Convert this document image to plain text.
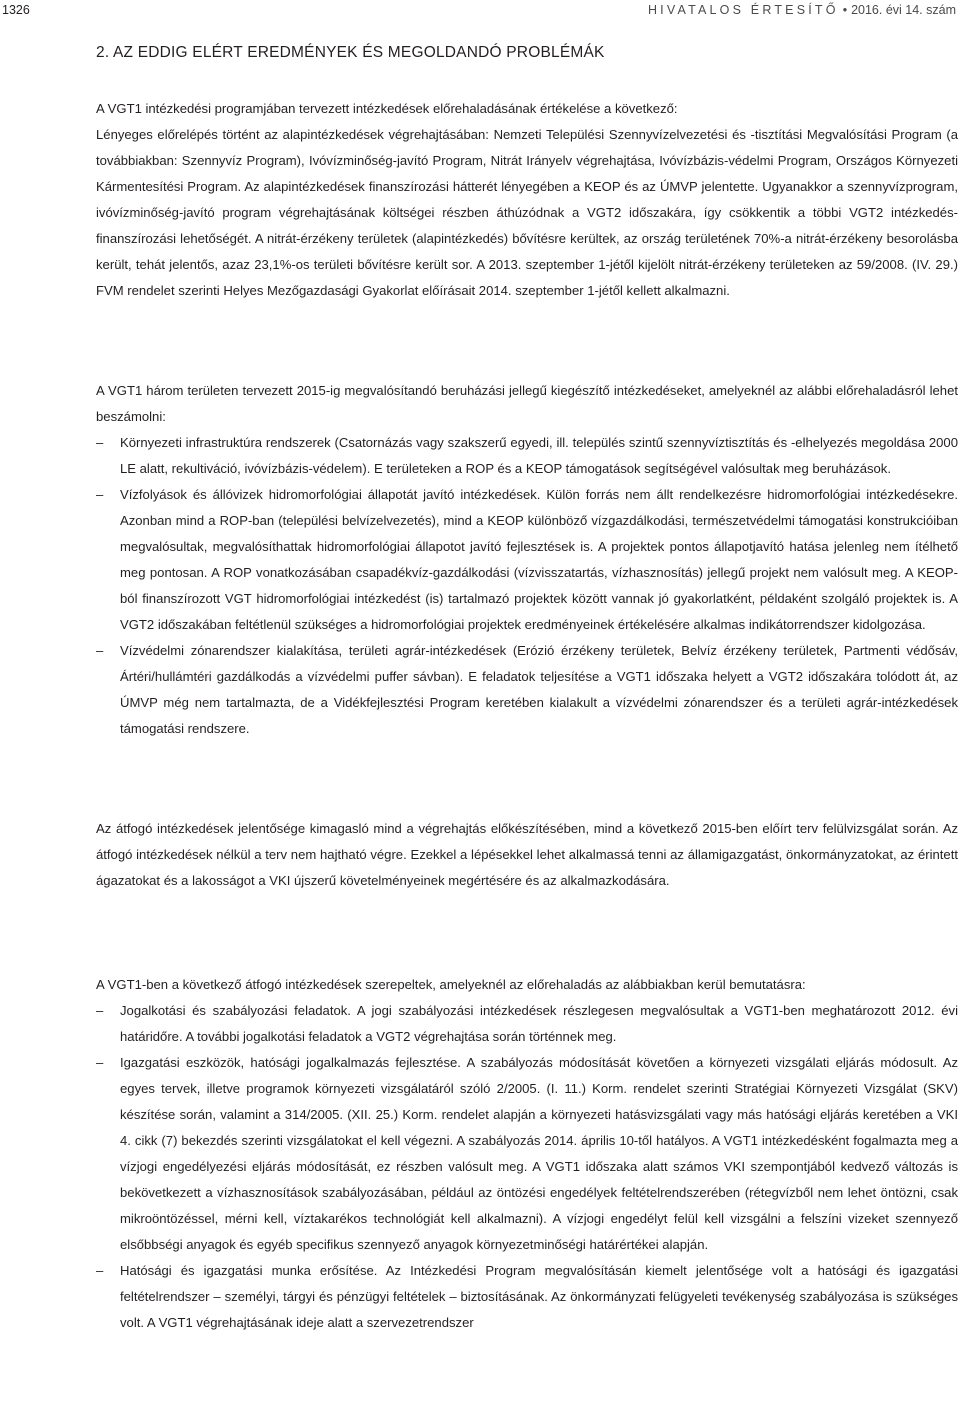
1326	HIVATALOS ÉRTESÍTŐ • 2016. évi 14. szám
2. AZ EDDIG ELÉRT EREDMÉNYEK ÉS MEGOLDANDÓ PROBLÉMÁK

A VGT1 intézkedési programjában tervezett intézkedések előrehaladásának értékelése a következő:

Lényeges előrelépés történt az alapintézkedések végrehajtásában: Nemzeti Települési Szennyvízelvezetési és -tisztítási Megvalósítási Program (a továbbiakban: Szennyvíz Program), Ivóvízminőség-javító Program, Nitrát Irányelv végrehajtása, Ivóvízbázis-védelmi Program, Országos Környezeti Kármentesítési Program. Az alapintézkedések finanszírozási hátterét lényegében a KEOP és az ÚMVP jelentette. Ugyanakkor a szennyvízprogram, ivóvízminőség-javító program végrehajtásának költségei részben áthúzódnak a VGT2 időszakára, így csökkentik a többi VGT2 intézkedés-finanszírozási lehetőségét. A nitrát-érzékeny területek (alapintézkedés) bővítésre kerültek, az ország területének 70%-a nitrát-érzékeny besorolásba került, tehát jelentős, azaz 23,1%-os területi bővítésre került sor. A 2013. szeptember 1-jétől kijelölt nitrát-érzékeny területeken az 59/2008. (IV. 29.) FVM rendelet szerinti Helyes Mezőgazdasági Gyakorlat előírásait 2014. szeptember 1-jétől kellett alkalmazni.

A VGT1 három területen tervezett 2015-ig megvalósítandó beruházási jellegű kiegészítő intézkedéseket, amelyeknél az alábbi előrehaladásról lehet beszámolni:

– Környezeti infrastruktúra rendszerek (Csatornázás vagy szakszerű egyedi, ill. település szintű szennyvíztisztítás és -elhelyezés megoldása 2000 LE alatt, rekultiváció, ivóvízbázis-védelem). E területeken a ROP és a KEOP támogatások segítségével valósultak meg beruházások.
– Vízfolyások és állóvizek hidromorfológiai állapotát javító intézkedések. Külön forrás nem állt rendelkezésre hidromorfológiai intézkedésekre. Azonban mind a ROP-ban (települési belvízelvezetés), mind a KEOP különböző vízgazdálkodási, természetvédelmi támogatási konstrukcióiban megvalósultak, megvalósíthattak hidromorfológiai állapotot javító fejlesztések is. A projektek pontos állapotjavító hatása jelenleg nem ítélhető meg pontosan. A ROP vonatkozásában csapadékvíz-gazdálkodási (vízvisszatartás, vízhasznosítás) jellegű projekt nem valósult meg. A KEOP-ból finanszírozott VGT hidromorfológiai intézkedést (is) tartalmazó projektek között vannak jó gyakorlatként, példaként szolgáló projektek is. A VGT2 időszakában feltétlenül szükséges a hidromorfológiai projektek eredményeinek értékelésére alkalmas indikátorrendszer kidolgozása.
– Vízvédelmi zónarendszer kialakítása, területi agrár-intézkedések (Erózió érzékeny területek, Belvíz érzékeny területek, Partmenti védősáv, Ártéri/hullámtéri gazdálkodás a vízvédelmi puffer sávban). E feladatok teljesítése a VGT1 időszaka helyett a VGT2 időszakára tolódott át, az ÚMVP még nem tartalmazta, de a Vidékfejlesztési Program keretében kialakult a vízvédelmi zónarendszer és a területi agrár-intézkedések támogatási rendszere.

Az átfogó intézkedések jelentősége kimagasló mind a végrehajtás előkészítésében, mind a következő 2015-ben előírt terv felülvizsgálat során. Az átfogó intézkedések nélkül a terv nem hajtható végre. Ezekkel a lépésekkel lehet alkalmassá tenni az államigazgatást, önkormányzatokat, az érintett ágazatokat és a lakosságot a VKI újszerű követelményeinek megértésére és az alkalmazkodására.

A VGT1-ben a következő átfogó intézkedések szerepeltek, amelyeknél az előrehaladás az alábbiakban kerül bemutatásra:

– Jogalkotási és szabályozási feladatok. A jogi szabályozási intézkedések részlegesen megvalósultak a VGT1-ben meghatározott 2012. évi határidőre. A további jogalkotási feladatok a VGT2 végrehajtása során történnek meg.
– Igazgatási eszközök, hatósági jogalkalmazás fejlesztése. A szabályozás módosítását követően a környezeti vizsgálati eljárás módosult. Az egyes tervek, illetve programok környezeti vizsgálatáról szóló 2/2005. (I. 11.) Korm. rendelet szerinti Stratégiai Környezeti Vizsgálat (SKV) készítése során, valamint a 314/2005. (XII. 25.) Korm. rendelet alapján a környezeti hatásvizsgálati vagy más hatósági eljárás keretében a VKI 4. cikk (7) bekezdés szerinti vizsgálatokat el kell végezni. A szabályozás 2014. április 10-től hatályos. A VGT1 intézkedésként fogalmazta meg a vízjogi engedélyezési eljárás módosítását, ez részben valósult meg. A VGT1 időszaka alatt számos VKI szempontjából kedvező változás is bekövetkezett a vízhasznosítások szabályozásában, például az öntözési engedélyek feltételrendszerében (rétegvízből nem lehet öntözni, csak mikroöntözéssel, mérni kell, víztakarékos technológiát kell alkalmazni). A vízjogi engedélyt felül kell vizsgálni a felszíni vizeket szennyező elsőbbségi anyagok és egyéb specifikus szennyező anyagok környezetminőségi határértékei alapján.
– Hatósági és igazgatási munka erősítése. Az Intézkedési Program megvalósításán kiemelt jelentősége volt a hatósági és igazgatási feltételrendszer – személyi, tárgyi és pénzügyi feltételek – biztosításának. Az önkormányzati felügyeleti tevékenység szabályozása is szükséges volt. A VGT1 végrehajtásának ideje alatt a szervezetrendszer
